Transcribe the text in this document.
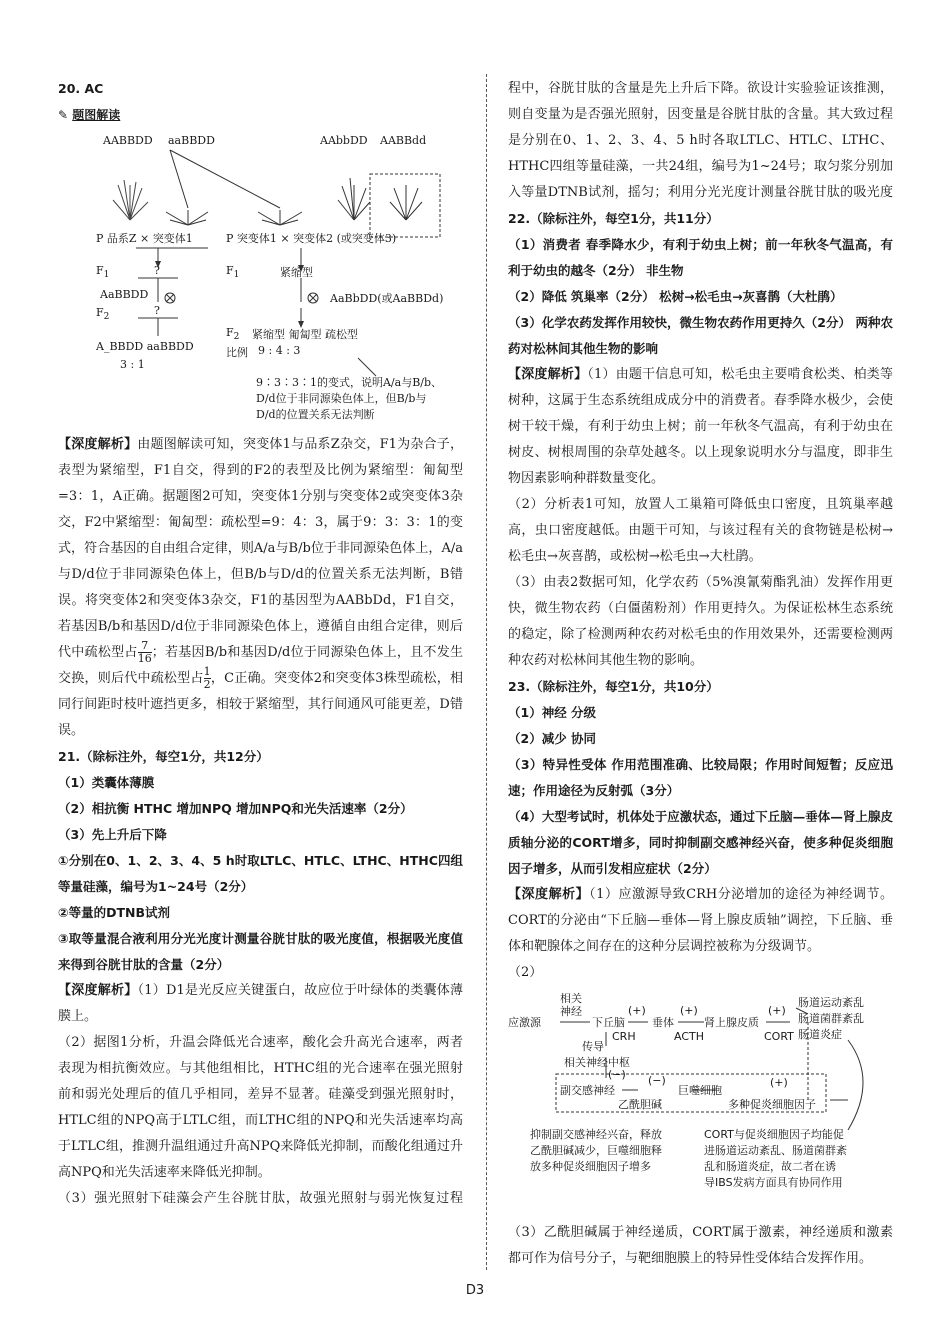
20. AC

✎ 题图解读

AABBDD aaBBDD	AAbbDD AABBdd
P 品系Z × 突变体1	P 突变体1 × 突变体2 (或突变体3)
$F_1$	?
AaBBDD
$F_2$
?
A_BBDD aaBBDD
3 : 1
$F_1$	紧缩型
AaBbDD(或AaBBDd)
$F_2$ 紧缩型 匍匐型 疏松型
比例 9 : 4 : 3
9∶3∶3∶1的变式，说明A/a与B/b、
D/d位于非同源染色体上，但B/b与
D/d的位置关系无法判断

【深度解析】由题图解读可知，突变体1与品系Z杂交，F1为杂合子，表型为紧缩型，F1自交，得到的F2的表型及比例为紧缩型：匍匐型=3：1，A正确。据题图2可知，突变体1分别与突变体2或突变体3杂交，F2中紧缩型：匍匐型：疏松型=9：4：3，属于9：3：3：1的变式，符合基因的自由组合定律，则A/a与B/b位于非同源染色体上，A/a与D/d位于非同源染色体上，但B/b与D/d的位置关系无法判断，B错误。将突变体2和突变体3杂交，F1的基因型为AABbDd，F1自交，若基因B/b和基因D/d位于非同源染色体上，遵循自由组合定律，则后代中疏松型占 $\frac{7}{16}$ ；若基因B/b和基因D/d位于同源染色体上，且不发生交换，则后代中疏松型占 $\frac{1}{2}$ ，C正确。突变体2和突变体3株型疏松，相同行间距时枝叶遮挡更多，相较于紧缩型，其行间通风可能更差，D错误。

21.（除标注外，每空1分，共12分）

（1）类囊体薄膜

（2）相抗衡 HTHC 增加NPQ 增加NPQ和光失活速率（2分）

（3）先上升后下降

①分别在0、1、2、3、4、5 h时取LTLC、HTLC、LTHC、HTHC四组等量硅藻，编号为1~24号（2分）

②等量的DTNB试剂

③取等量混合液利用分光光度计测量谷胱甘肽的吸光度值，根据吸光度值来得到谷胱甘肽的含量（2分）

【深度解析】（1）D1是光反应关键蛋白，故应位于叶绿体的类囊体薄膜上。

（2）据图1分析，升温会降低光合速率，酸化会升高光合速率，两者表现为相抗衡效应。与其他组相比，HTHC组的光合速率在强光照射前和弱光处理后的值几乎相同，差异不显著。硅藻受到强光照射时，HTLC组的NPQ高于LTLC组，而LTHC组的NPQ和光失活速率均高于LTLC组，推测升温组通过升高NPQ来降低光抑制，而酸化组通过升高NPQ和光失活速率来降低光抑制。

（3）强光照射下硅藻会产生谷胱甘肽，故强光照射与弱光恢复过程

程中，谷胱甘肽的含量是先上升后下降。欲设计实验验证该推测，则自变量为是否强光照射，因变量是谷胱甘肽的含量。其大致过程是分别在0、1、2、3、4、5 h时各取LTLC、HTLC、LTHC、HTHC四组等量硅藻，一共24组，编号为1~24号；取匀浆分别加入等量DTNB试剂，摇匀；利用分光光度计测量谷胱甘肽的吸光度

22.（除标注外，每空1分，共11分）

（1）消费者 春季降水少，有利于幼虫上树；前一年秋冬气温高，有利于幼虫的越冬（2分） 非生物

（2）降低 筑巢率（2分） 松树→松毛虫→灰喜鹊（大杜鹃）

（3）化学农药发挥作用较快，微生物农药作用更持久（2分） 两种农药对松林间其他生物的影响

【深度解析】（1）由题干信息可知，松毛虫主要啃食松类、柏类等树种，这属于生态系统组成成分中的消费者。春季降水极少，会使树干较干燥，有利于幼虫上树；前一年秋冬气温高，有利于幼虫在树皮、树根周围的杂草处越冬。以上现象说明水分与温度，即非生物因素影响种群数量变化。

（2）分析表1可知，放置人工巢箱可降低虫口密度，且筑巢率越高，虫口密度越低。由题干可知，与该过程有关的食物链是松树→松毛虫→灰喜鹊，或松树→松毛虫→大杜鹃。

（3）由表2数据可知，化学农药（5%溴氰菊酯乳油）发挥作用更快，微生物农药（白僵菌粉剂）作用更持久。为保证松林生态系统的稳定，除了检测两种农药对松毛虫的作用效果外，还需要检测两种农药对松林间其他生物的影响。

23.（除标注外，每空1分，共10分）

（1）神经 分级

（2）减少 协同

（3）特异性受体 作用范围准确、比较局限；作用时间短暂；反应迅速；作用途径为反射弧（3分）

（4）大型考试时，机体处于应激状态，通过下丘脑—垂体—肾上腺皮质轴分泌的CORT增多，同时抑制副交感神经兴奋，使多种促炎细胞因子增多，从而引发相应症状（2分）

【深度解析】（1）应激源导致CRH分泌增加的途径为神经调节。CORT的分泌由“下丘脑—垂体—肾上腺皮质轴”调控，下丘脑、垂体和靶腺体之间存在的这种分层调控被称为分级调节。

（2）

相关
神经
应激源	下丘脑
(+)
CRH
垂体
(+)
ACTH
肾上腺皮质
(+)
CORT
肠道运动紊乱
肠道菌群紊乱
肠道炎症
传导
相关神经中枢
(−) (−)
副交感神经
乙酰胆碱
巨噬细胞
(+)
多种促炎细胞因子
抑制副交感神经兴奋，释放
乙酰胆碱减少，巨噬细胞释
放多种促炎细胞因子增多
CORT与促炎细胞因子均能促
进肠道运动紊乱、肠道菌群紊
乱和肠道炎症，故二者在诱
导IBS发病方面具有协同作用

（3）乙酰胆碱属于神经递质，CORT属于激素，神经递质和激素都可作为信号分子，与靶细胞膜上的特异性受体结合发挥作用。

D3
